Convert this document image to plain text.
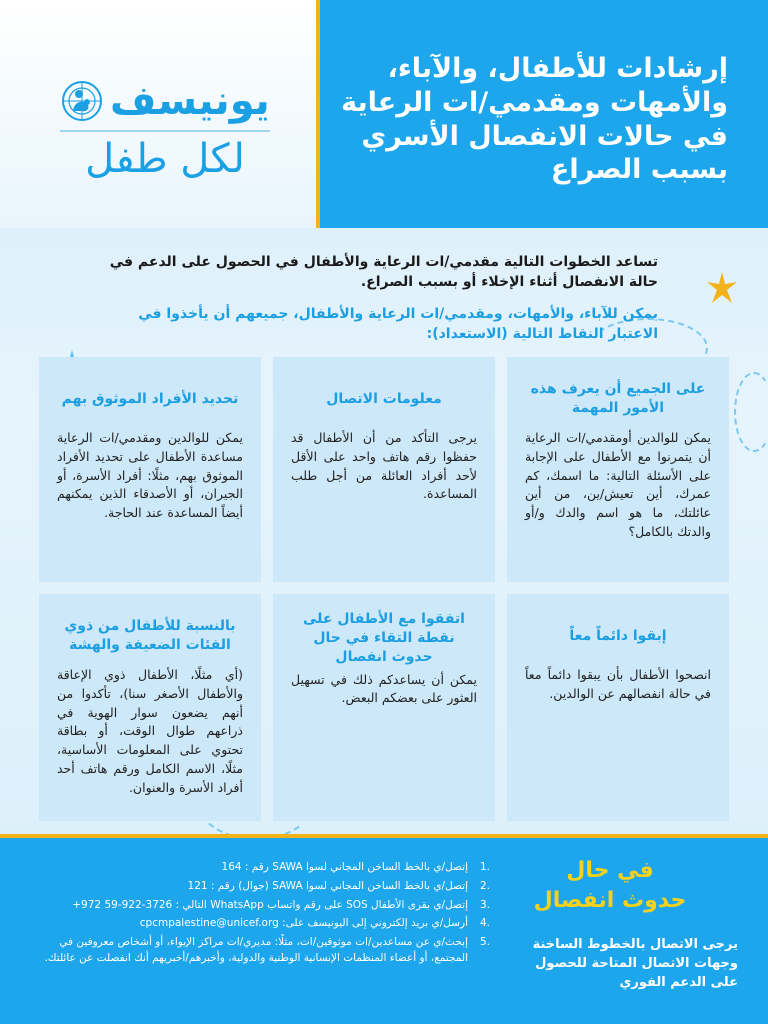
يونيسف
لكل طفل
إرشادات للأطفال، والآباء، والأمهات ومقدمي/ات الرعاية في حالات الانفصال الأسري بسبب الصراع
تساعد الخطوات التالية مقدمي/ات الرعاية والأطفال في الحصول على الدعم في حالة الانفصال أثناء الإخلاء أو بسبب الصراع.
يمكن للآباء، والأمهات، ومقدمي/ات الرعاية والأطفال، جميعهم أن يأخذوا في الاعتبار النقاط التالية (الاستعداد):
على الجميع أن يعرف هذه الأمور المهمة
يمكن للوالدين أومقدمي/ات الرعاية أن يتمرنوا مع الأطفال على الإجابة على الأسئلة التالية: ما اسمك، كم عمرك، أين تعيش/ين، من أين عائلتك، ما هو اسم والدك و/أو والدتك بالكامل؟
معلومات الاتصال
يرجى التأكد من أن الأطفال قد حفظوا رقم هاتف واحد على الأقل لأحد أفراد العائلة من أجل طلب المساعدة.
تحديد الأفراد الموثوق بهم
يمكن للوالدين ومقدمي/ات الرعاية مساعدة الأطفال على تحديد الأفراد الموثوق بهم، مثلًا: أفراد الأسرة، أو الجيران، أو الأصدقاء الذين يمكنهم أيضاً المساعدة عند الحاجة.
إبقوا دائماً معاً
انصحوا الأطفال بأن يبقوا دائماً معاً في حالة انفصالهم عن الوالدين.
اتفقوا مع الأطفال على نقطة التقاء في حال حدوث انفصال
يمكن أن يساعدكم ذلك في تسهيل العثور على بعضكم البعض.
بالنسبة للأطفال من ذوي الفئات الضعيفة والهشة
(أي مثلًا، الأطفال ذوي الإعاقة والأطفال الأصغر سنا)، تأكدوا من أنهم يضعون سوار الهوية في ذراعهم طوال الوقت، أو بطاقة تحتوي على المعلومات الأساسية، مثلًا، الاسم الكامل ورقم هاتف أحد أفراد الأسرة والعنوان.
في حال
حدوث انفصال
يرجى الاتصال بالخطوط الساخنة وجهات الاتصال المتاحة للحصول على الدعم الفوري
.1
إتصل/ي بالخط الساخن المجاني لسوا SAWA رقم : 164
.2
إتصل/ي بالخط الساخن المجاني لسوا SAWA (جوال) رقم : 121
.3
إتصل/ي بقرى الأطفال SOS على رقم واتساب WhatsApp التالي : 3726-922-59 972+
.4
أرسل/ي بريد إلكتروني إلى اليونيسف على: cpcmpalestine@unicef.org
.5
إبحث/ي عن مساعدين/ات موثوقين/ات، مثلًا: مديري/ات مراكز الإيواء، أو أشخاص معروفين في المجتمع، أو أعضاء المنظمات الإنسانية الوطنية والدولية، وأخبرهم/أخبريهم أنك انفصلت عن عائلتك.
